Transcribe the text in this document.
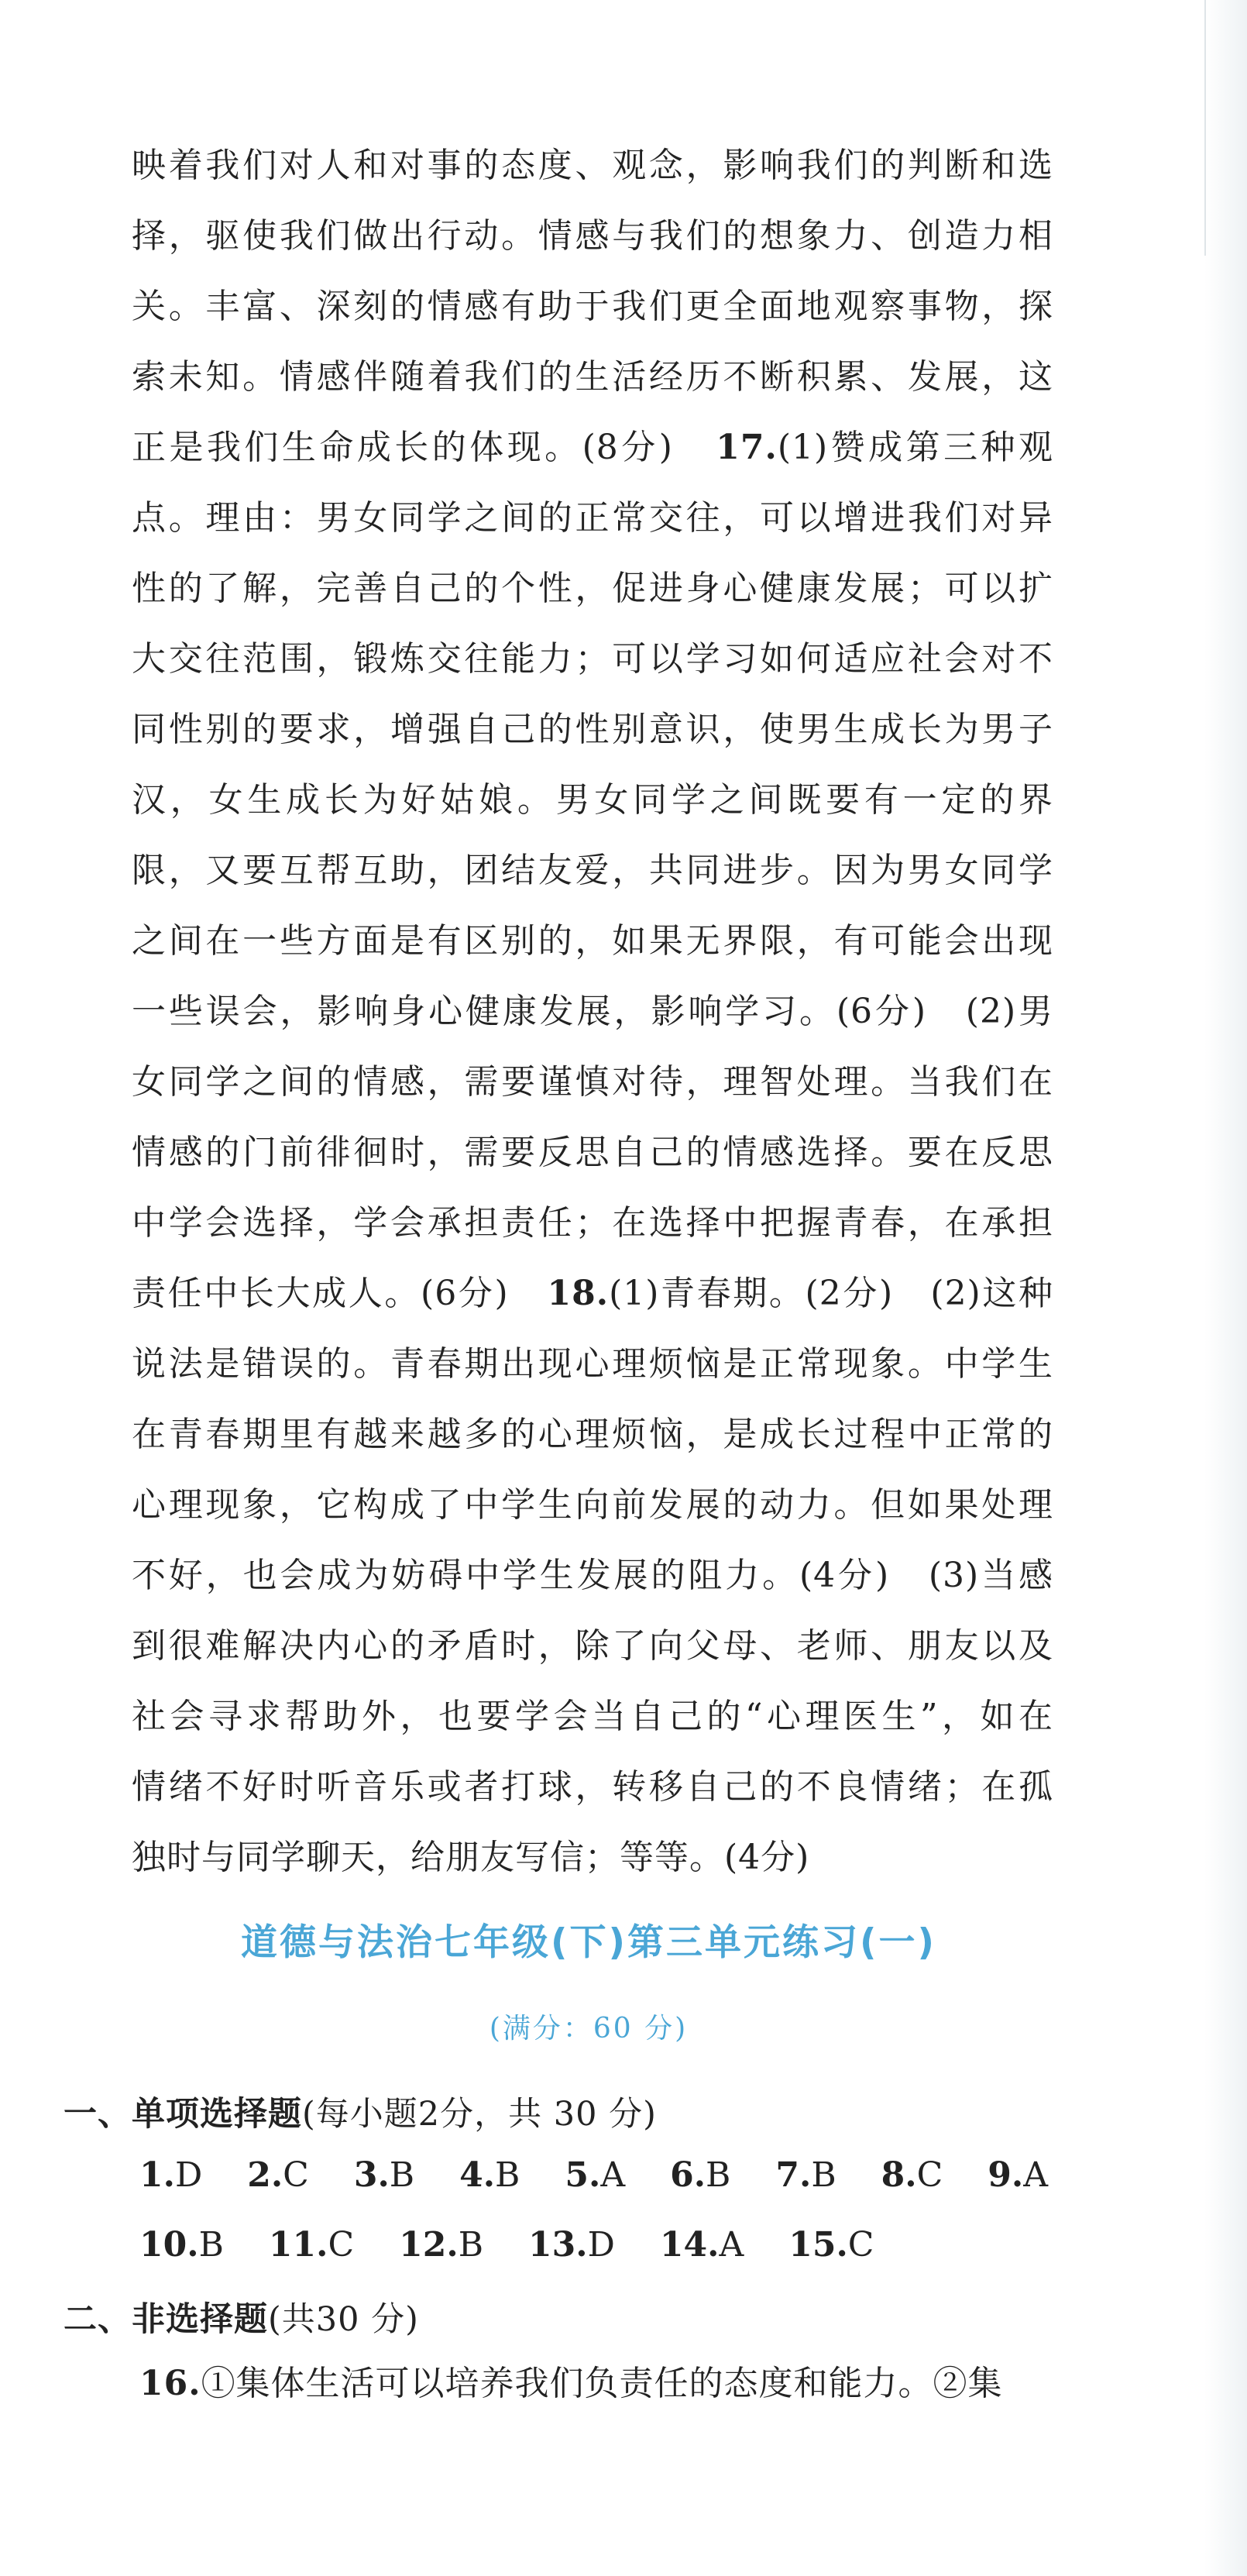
映着我们对人和对事的态度、观念，影响我们的判断和选
择，驱使我们做出行动。情感与我们的想象力、创造力相
关。丰富、深刻的情感有助于我们更全面地观察事物，探
索未知。情感伴随着我们的生活经历不断积累、发展，这
正是我们生命成长的体现。(8分) 17.(1)赞成第三种观
点。理由：男女同学之间的正常交往，可以增进我们对异
性的了解，完善自己的个性，促进身心健康发展；可以扩
大交往范围，锻炼交往能力；可以学习如何适应社会对不
同性别的要求，增强自己的性别意识，使男生成长为男子
汉，女生成长为好姑娘。男女同学之间既要有一定的界
限，又要互帮互助，团结友爱，共同进步。因为男女同学
之间在一些方面是有区别的，如果无界限，有可能会出现
一些误会，影响身心健康发展，影响学习。(6分)　(2)男
女同学之间的情感，需要谨慎对待，理智处理。当我们在
情感的门前徘徊时，需要反思自己的情感选择。要在反思
中学会选择，学会承担责任；在选择中把握青春，在承担
责任中长大成人。(6分) 18.(1)青春期。(2分)　(2)这种
说法是错误的。青春期出现心理烦恼是正常现象。中学生
在青春期里有越来越多的心理烦恼，是成长过程中正常的
心理现象，它构成了中学生向前发展的动力。但如果处理
不好，也会成为妨碍中学生发展的阻力。(4分)　(3)当感
到很难解决内心的矛盾时，除了向父母、老师、朋友以及
社会寻求帮助外，也要学会当自己的“心理医生”，如在
情绪不好时听音乐或者打球，转移自己的不良情绪；在孤
独时与同学聊天，给朋友写信；等等。(4分)
道德与法治七年级(下)第三单元练习(一)
(满分：60 分)
一、单项选择题(每小题2分，共 30 分)
1.D 2.C 3.B 4.B 5.A 6.B 7.B 8.C 9.A
10.B 11.C 12.B 13.D 14.A 15.C
二、非选择题(共30 分)
16.①集体生活可以培养我们负责任的态度和能力。②集
